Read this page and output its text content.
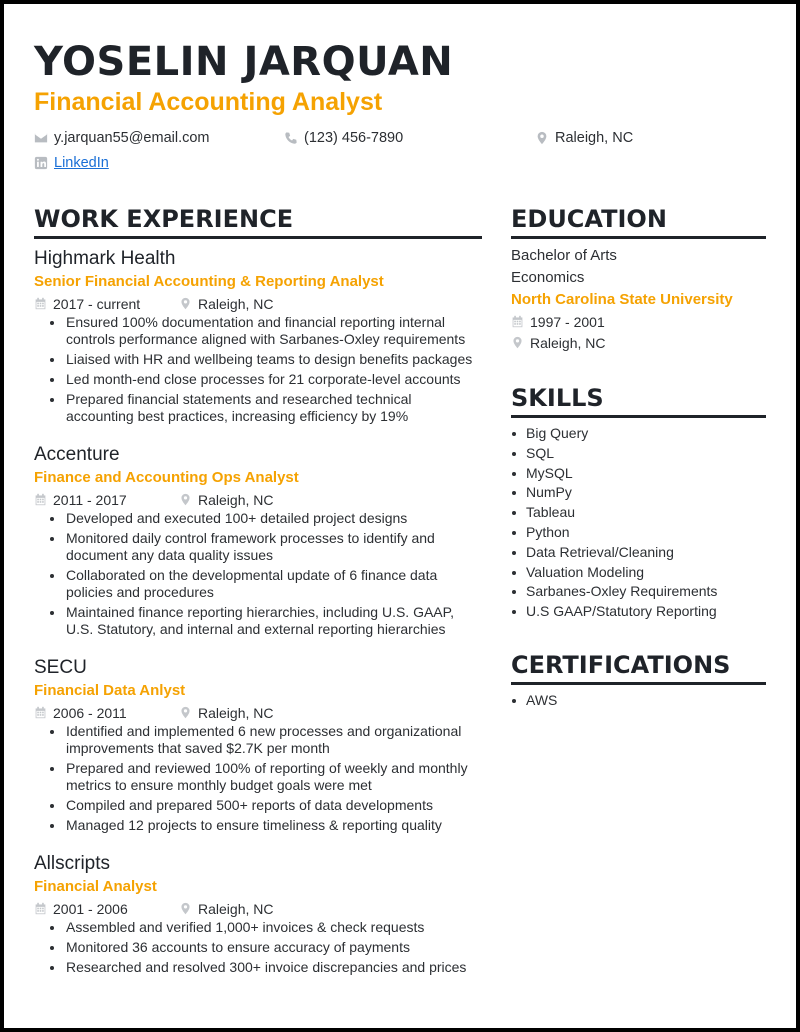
YOSELIN JARQUAN
Financial Accounting Analyst
y.jarquan55@email.com	(123) 456-7890	Raleigh, NC
LinkedIn
WORK EXPERIENCE
Highmark Health
Senior Financial Accounting & Reporting Analyst
2017 - current	Raleigh, NC
Ensured 100% documentation and financial reporting internal controls performance aligned with Sarbanes-Oxley requirements
Liaised with HR and wellbeing teams to design benefits packages
Led month-end close processes for 21 corporate-level accounts
Prepared financial statements and researched technical accounting best practices, increasing efficiency by 19%
Accenture
Finance and Accounting Ops Analyst
2011 - 2017	Raleigh, NC
Developed and executed 100+ detailed project designs
Monitored daily control framework processes to identify and document any data quality issues
Collaborated on the developmental update of 6 finance data policies and procedures
Maintained finance reporting hierarchies, including U.S. GAAP, U.S. Statutory, and internal and external reporting hierarchies
SECU
Financial Data Anlyst
2006 - 2011	Raleigh, NC
Identified and implemented 6 new processes and organizational improvements that saved $2.7K per month
Prepared and reviewed 100% of reporting of weekly and monthly metrics to ensure monthly budget goals were met
Compiled and prepared 500+ reports of data developments
Managed 12 projects to ensure timeliness & reporting quality
Allscripts
Financial Analyst
2001 - 2006	Raleigh, NC
Assembled and verified 1,000+ invoices & check requests
Monitored 36 accounts to ensure accuracy of payments
Researched and resolved 300+ invoice discrepancies and prices
EDUCATION
Bachelor of Arts
Economics
North Carolina State University
1997 - 2001
Raleigh, NC
SKILLS
Big Query
SQL
MySQL
NumPy
Tableau
Python
Data Retrieval/Cleaning
Valuation Modeling
Sarbanes-Oxley Requirements
U.S GAAP/Statutory Reporting
CERTIFICATIONS
AWS
